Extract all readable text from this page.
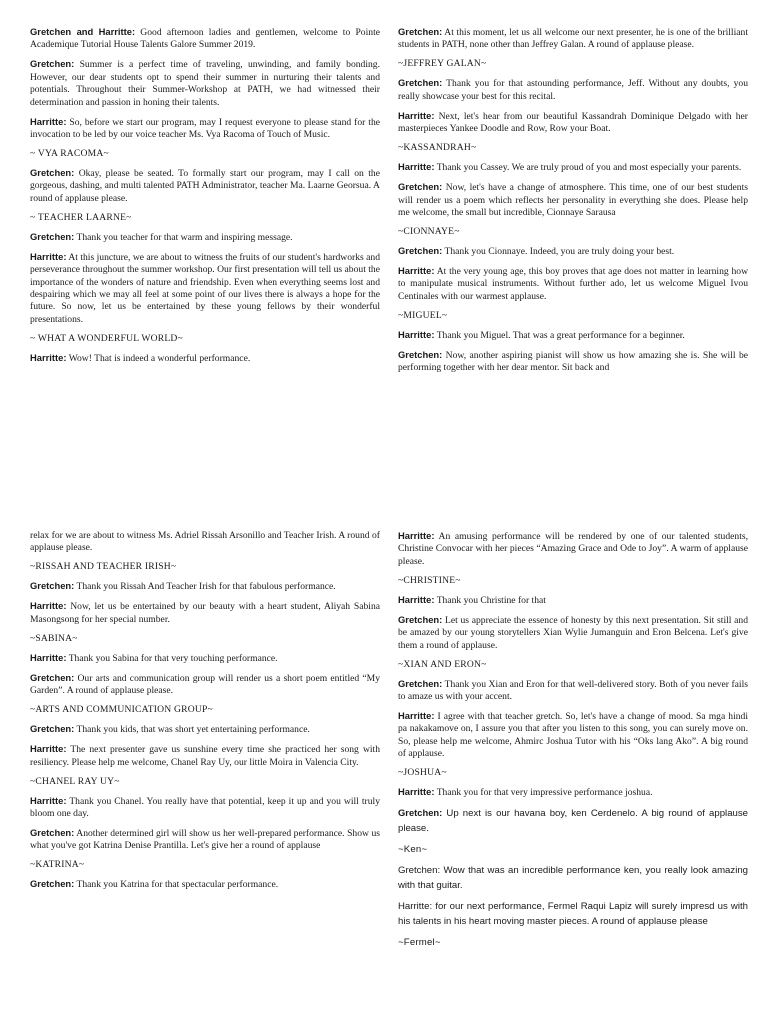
Gretchen and Harritte: Good afternoon ladies and gentlemen, welcome to Pointe Academique Tutorial House Talents Galore Summer 2019.

Gretchen: Summer is a perfect time of traveling, unwinding, and family bonding. However, our dear students opt to spend their summer in nurturing their talents and potentials. Throughout their Summer-Workshop at PATH, we had witnessed their determination and passion in honing their talents.

Harritte: So, before we start our program, may I request everyone to please stand for the invocation to be led by our voice teacher Ms. Vya Racoma of Touch of Music.

~ VYA RACOMA~

Gretchen: Okay, please be seated. To formally start our program, may I call on the gorgeous, dashing, and multi talented PATH Administrator, teacher Ma. Laarne Georsua. A round of applause please.

~ TEACHER LAARNE~

Gretchen: Thank you teacher for that warm and inspiring message.

Harritte: At this juncture, we are about to witness the fruits of our student's hardworks and perseverance throughout the summer workshop. Our first presentation will tell us about the importance of the wonders of nature and friendship. Even when everything seems lost and despairing which we may all feel at some point of our lives there is always a hope for the future. So now, let us be entertained by these young fellows by their wonderful presentations.

~ WHAT A WONDERFUL WORLD~

Harritte: Wow! That is indeed a wonderful performance.

Gretchen: At this moment, let us all welcome our next presenter, he is one of the brilliant students in PATH, none other than Jeffrey Galan. A round of applause please.

~JEFFREY GALAN~

Gretchen: Thank you for that astounding performance, Jeff. Without any doubts, you really showcase your best for this recital.

Harritte: Next, let's hear from our beautiful Kassandrah Dominique Delgado with her masterpieces Yankee Doodle and Row, Row your Boat.

~KASSANDRAH~

Harritte: Thank you Cassey. We are truly proud of you and most especially your parents.

Gretchen: Now, let's have a change of atmosphere. This time, one of our best students will render us a poem which reflects her personality in everything she does. Please help me welcome, the small but incredible, Cionnaye Sarausa

~CIONNAYE~

Gretchen: Thank you Cionnaye. Indeed, you are truly doing your best.

Harritte: At the very young age, this boy proves that age does not matter in learning how to manipulate musical instruments. Without further ado, let us welcome Miguel Ivou Centinales with our warmest applause.

~MIGUEL~

Harritte: Thank you Miguel. That was a great performance for a beginner.

Gretchen: Now, another aspiring pianist will show us how amazing she is. She will be performing together with her dear mentor. Sit back and

relax for we are about to witness Ms. Adriel Rissah Arsonillo and Teacher Irish. A round of applause please.

~RISSAH AND TEACHER IRISH~

Gretchen: Thank you Rissah And Teacher Irish for that fabulous performance.

Harritte: Now, let us be entertained by our beauty with a heart student, Aliyah Sabina Masongsong for her special number.

~SABINA~

Harritte: Thank you Sabina for that very touching performance.

Gretchen: Our arts and communication group will render us a short poem entitled “My Garden”. A round of applause please.

~ARTS AND COMMUNICATION GROUP~

Gretchen: Thank you kids, that was short yet entertaining performance.

Harritte: The next presenter gave us sunshine every time she practiced her song with resiliency. Please help me welcome, Chanel Ray Uy, our little Moira in Valencia City.

~CHANEL RAY UY~

Harritte: Thank you Chanel. You really have that potential, keep it up and you will truly bloom one day.

Gretchen: Another determined girl will show us her well-prepared performance. Show us what you've got Katrina Denise Prantilla. Let's give her a round of applause

~KATRINA~

Gretchen: Thank you Katrina for that spectacular performance.

Harritte: An amusing performance will be rendered by one of our talented students, Christine Convocar with her pieces “Amazing Grace and Ode to Joy”. A warm of applause please.

~CHRISTINE~

Harritte: Thank you Christine for that

Gretchen: Let us appreciate the essence of honesty by this next presentation. Sit still and be amazed by our young storytellers Xian Wylie Jumanguin and Eron Belcena. Let's give them a round of applause.

~XIAN AND ERON~

Gretchen: Thank you Xian and Eron for that well-delivered story. Both of you never fails to amaze us with your accent.

Harritte: I agree with that teacher gretch. So, let's have a change of mood. Sa mga hindi pa nakakamove on, I assure you that after you listen to this song, you can surely move on. So, please help me welcome, Ahmirc Joshua Tutor with his “Oks lang Ako”. A big round of applause.

~JOSHUA~

Harritte: Thank you for that very impressive performance joshua.

Gretchen: Up next is our havana boy, ken Cerdenelo. A big round of applause please.

~Ken~

Gretchen: Wow that was an incredible performance ken, you really look amazing with that guitar.

Harritte: for our next performance, Fermel Raqui Lapiz will surely impresd us with his talents in his heart moving master pieces. A round of applause please

~Fermel~
